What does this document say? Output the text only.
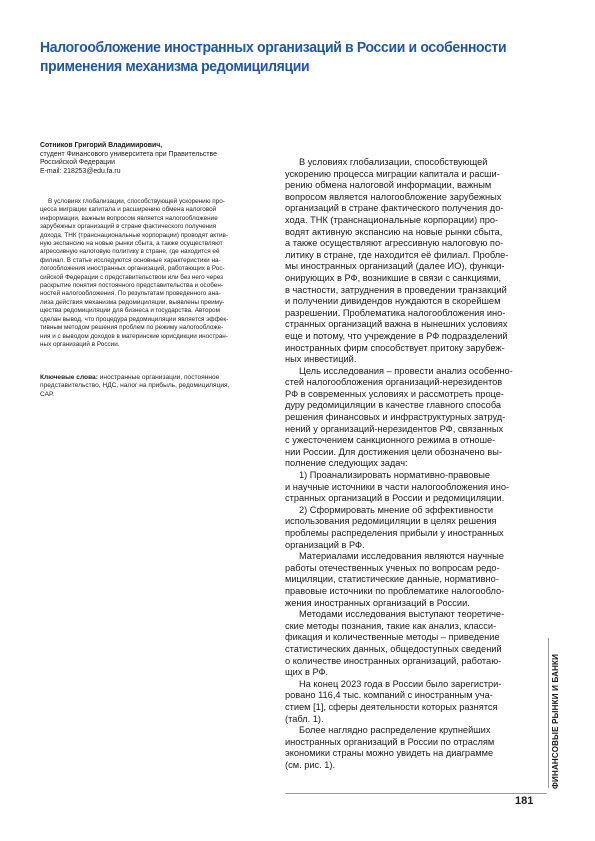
Налогообложение иностранных организаций в России и особенности
применения механизма редомициляции
Сотников Григорий Владимирович,
студент Финансового университета при Правительстве
Российской Федерации
E-mail: 218253@edu.fa.ru
В условиях глобализации, способствующей ускорению про-
цесса миграции капитала и расширению обмена налоговой
информации, важным вопросом является налогообложение
зарубежных организаций в стране фактического получения
дохода. ТНК (транснациональные корпорации) проводят актив-
ную экспансию на новые рынки сбыта, а также осуществляют
агрессивную налоговую политику в стране, где находится её
филиал. В статье исследуются основные характеристики на-
логообложения иностранных организаций, работающих в Рос-
сийской Федерации с представительством или без него через
раскрытие понятия постоянного представительства и особен-
ностей налогообложения. По результатам проведенного ана-
лиза действия механизма редомициляции, выявлены преиму-
щества редомициляции для бизнеса и государства. Автором
сделан вывод, что процедура редомициляции является эффек-
тивным методом решения проблем по режиму налогообложе-
ния и с выводом доходов в материнские юрисдикции иностран-
ных организаций в России.
Ключевые слова: иностранные организации, постоянное
представительство, НДС, налог на прибыль, редомициляция,
САР.
В условиях глобализации, способствующей
ускорению процесса миграции капитала и расши-
рению обмена налоговой информации, важным
вопросом является налогообложение зарубежных
организаций в стране фактического получения до-
хода. ТНК (транснациональные корпорации) про-
водят активную экспансию на новые рынки сбыта,
а также осуществляют агрессивную налоговую по-
литику в стране, где находится её филиал. Пробле-
мы иностранных организаций (далее ИО), функци-
онирующих в РФ, возникшие в связи с санкциями,
в частности, затруднения в проведении транзакций
и получении дивидендов нуждаются в скорейшем
разрешении. Проблематика налогообложения ино-
странных организаций важна в нынешних условиях
еще и потому, что учреждение в РФ подразделений
иностранных фирм способствует притоку зарубеж-
ных инвестиций.
Цель исследования – провести анализ особенно-
стей налогообложения организаций-нерезидентов
РФ в современных условиях и рассмотреть проце-
дуру редомициляции в качестве главного способа
решения финансовых и инфраструктурных затруд-
нений у организаций-нерезидентов РФ, связанных
с ужесточением санкционного режима в отноше-
нии России. Для достижения цели обозначено вы-
полнение следующих задач:
1) Проанализировать нормативно-правовые
и научные источники в части налогообложения ино-
странных организаций в России и редомициляции.
2) Сформировать мнение об эффективности
использования редомициляции в целях решения
проблемы распределения прибыли у иностранных
организаций в РФ.
Материалами исследования являются научные
работы отечественных ученых по вопросам редо-
мициляции, статистические данные, нормативно-
правовые источники по проблематике налогообло-
жения иностранных организаций в России.
Методами исследования выступают теоретиче-
ские методы познания, такие как анализ, класси-
фикация и количественные методы – приведение
статистических данных, общедоступных сведений
о количестве иностранных организаций, работаю-
щих в РФ.
На конец 2023 года в России было зарегистри-
ровано 116,4 тыс. компаний с иностранным уча-
стием [1], сферы деятельности которых разнятся
(табл. 1).
Более наглядно распределение крупнейших
иностранных организаций в России по отраслям
экономики страны можно увидеть на диаграмме
(см. рис. 1).	ФИНАНСОВЫЕ РЫНКИ И БАНКИ
181
